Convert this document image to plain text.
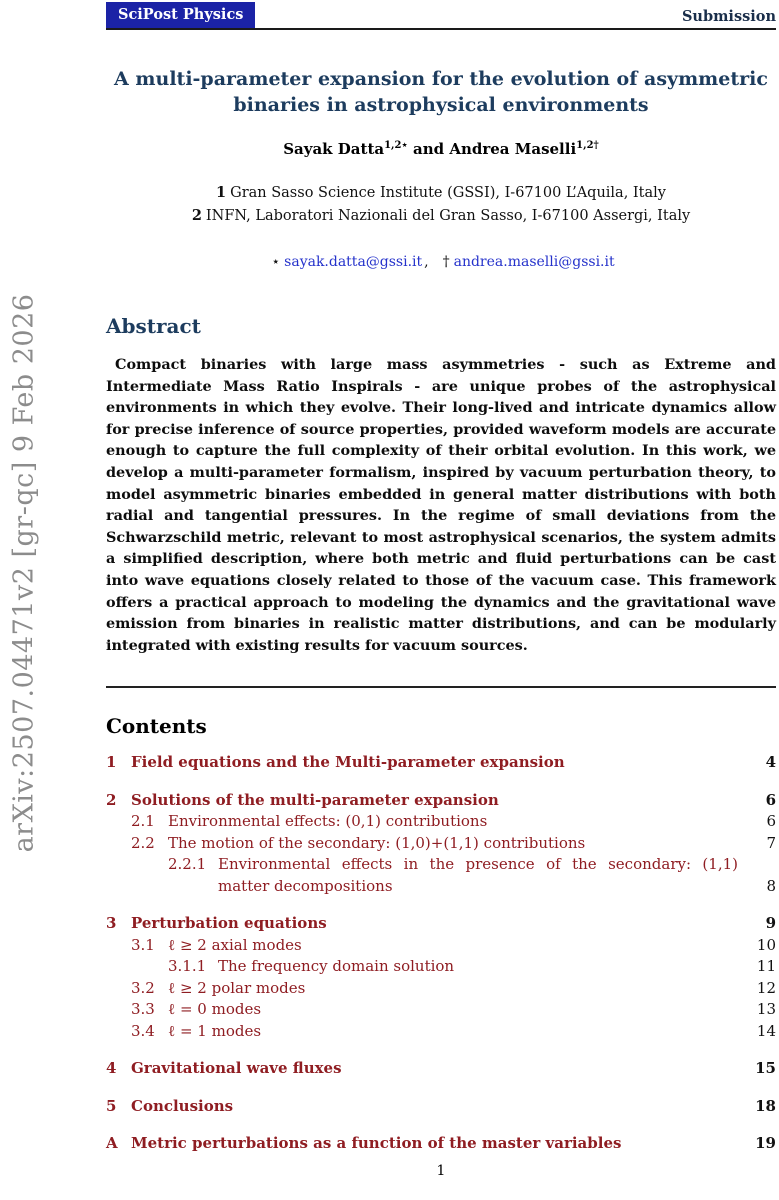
arXiv:2507.04471v2 [gr-qc] 9 Feb 2026
SciPost Physics	Submission
A multi-parameter expansion for the evolution of asymmetric
binaries in astrophysical environments
Sayak Datta$^{1,2⋆}$ and Andrea Maselli$^{1,2\dagger}$
1 Gran Sasso Science Institute (GSSI), I-67100 L’Aquila, Italy
2 INFN, Laboratori Nazionali del Gran Sasso, I-67100 Assergi, Italy
⋆ sayak.datta@gssi.it , † andrea.maselli@gssi.it
Abstract
Compact binaries with large mass asymmetries - such as Extreme and Intermediate Mass Ratio Inspirals - are unique probes of the astrophysical environments in which they evolve. Their long-lived and intricate dynamics allow for precise inference of source properties, provided waveform models are accurate enough to capture the full complexity of their orbital evolution. In this work, we develop a multi-parameter formalism, inspired by vacuum perturbation theory, to model asymmetric binaries embedded in general matter distributions with both radial and tangential pressures. In the regime of small deviations from the Schwarzschild metric, relevant to most astrophysical scenarios, the system admits a simplified description, where both metric and fluid perturbations can be cast into wave equations closely related to those of the vacuum case. This framework offers a practical approach to modeling the dynamics and the gravitational wave emission from binaries in realistic matter distributions, and can be modularly integrated with existing results for vacuum sources.
Contents
1 Field equations and the Multi-parameter expansion	4
2 Solutions of the multi-parameter expansion	6
2.1 Environmental effects: (0,1) contributions	6
2.2 The motion of the secondary: (1,0)+(1,1) contributions	7
2.2.1 Environmental effects in the presence of the secondary: (1,1) matter decompositions	8
3 Perturbation equations	9
3.1 ℓ ≥ 2 axial modes	10
3.1.1 The frequency domain solution	11
3.2 ℓ ≥ 2 polar modes	12
3.3 ℓ = 0 modes	13
3.4 ℓ = 1 modes	14
4 Gravitational wave fluxes	15
5 Conclusions	18
A Metric perturbations as a function of the master variables	19
1
